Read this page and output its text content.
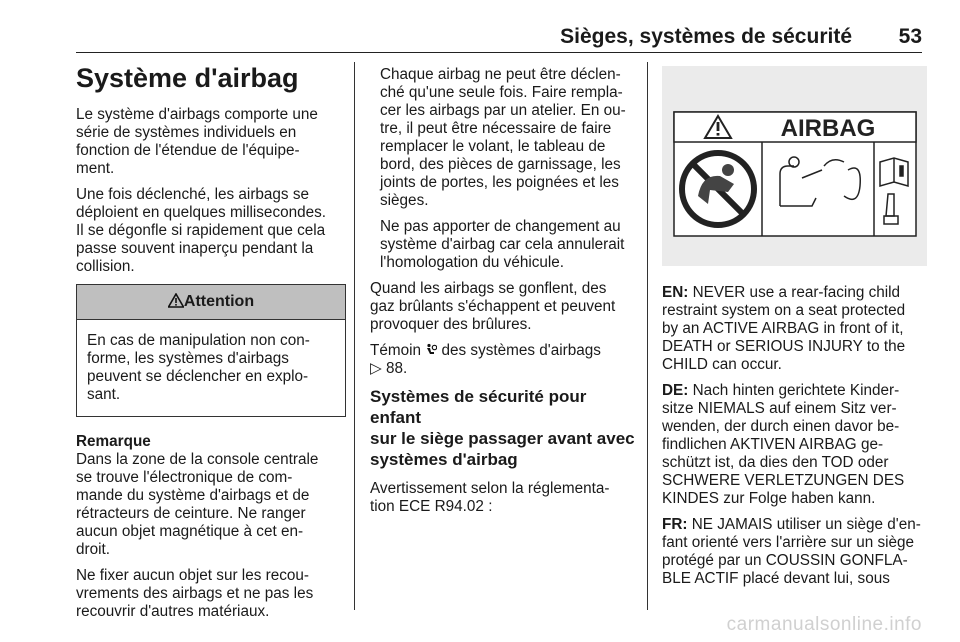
Sièges, systèmes de sécurité 53
Système d'airbag

Le système d'airbags comporte une
série de systèmes individuels en
fonction de l'étendue de l'équipe-
ment.

Une fois déclenché, les airbags se
déploient en quelques millisecondes.
Il se dégonfle si rapidement que cela
passe souvent inaperçu pendant la
collision.

Attention
En cas de manipulation non con-
forme, les systèmes d'airbags
peuvent se déclencher en explo-
sant.
Remarque

Dans la zone de la console centrale
se trouve l'électronique de com-
mande du système d'airbags et de
rétracteurs de ceinture. Ne ranger
aucun objet magnétique à cet en-
droit.

Ne fixer aucun objet sur les recou-
vrements des airbags et ne pas les
recouvrir d'autres matériaux.

Chaque airbag ne peut être déclen-
ché qu'une seule fois. Faire rempla-
cer les airbags par un atelier. En ou-
tre, il peut être nécessaire de faire
remplacer le volant, le tableau de
bord, des pièces de garnissage, les
joints de portes, les poignées et les
sièges.

Ne pas apporter de changement au
système d'airbag car cela annulerait
l'homologation du véhicule.

Quand les airbags se gonflent, des
gaz brûlants s'échappent et peuvent
provoquer des brûlures.

Témoin  des systèmes d'airbags
▷ 88.

Systèmes de sécurité pour enfant
sur le siège passager avant avec
systèmes d'airbag

Avertissement selon la réglementa-
tion ECE R94.02 :

AIRBAG

EN: NEVER use a rear-facing child
restraint system on a seat protected
by an ACTIVE AIRBAG in front of it,
DEATH or SERIOUS INJURY to the
CHILD can occur.

DE: Nach hinten gerichtete Kinder-
sitze NIEMALS auf einem Sitz ver-
wenden, der durch einen davor be-
findlichen AKTIVEN AIRBAG ge-
schützt ist, da dies den TOD oder
SCHWERE VERLETZUNGEN DES
KINDES zur Folge haben kann.

FR: NE JAMAIS utiliser un siège d'en-
fant orienté vers l'arrière sur un siège
protégé par un COUSSIN GONFLA-
BLE ACTIF placé devant lui, sous

carmanualsonline.info
